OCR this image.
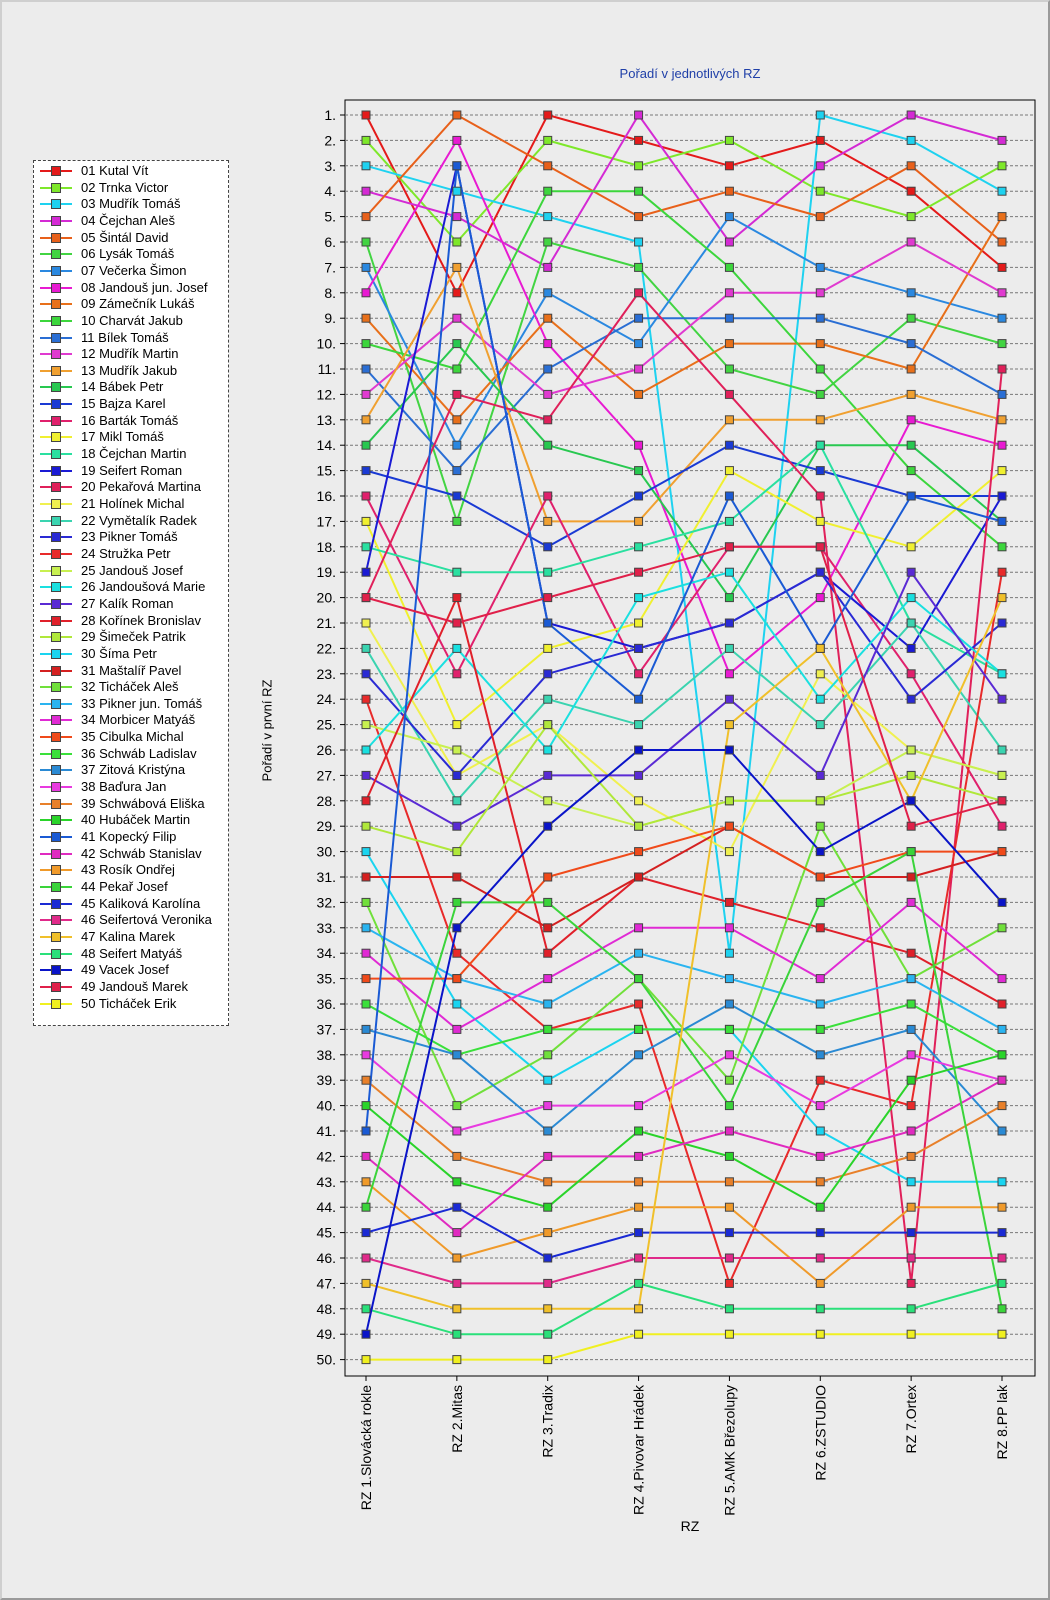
1.
2.
3.
4.
5.
6.
7.
8.
9.
10.
11.
12.
13.
14.
15.
16.
17.
18.
19.
20.
21.
22.
23.
24.
25.
26.
27.
28.
29.
30.
31.
32.
33.
34.
35.
36.
37.
38.
39.
40.
41.
42.
43.
44.
45.
46.
47.
48.
49.
50.
RZ 1.Slovácká rokle	RZ 2.Mitas	RZ 3.Tradix	RZ 4.Pivovar Hrádek	RZ 5.AMK Březolupy	RZ 6.ZSTUDIO	RZ 7.Ortex	RZ 8.PP lak
Pořadí v jednotlivých RZ
Pořadí v první RZ
RZ
01 Kutal Vít
02 Trnka Victor
03 Mudřík Tomáš
04 Čejchan Aleš
05 Šintál David
06 Lysák Tomáš
07 Večerka Šimon
08 Jandouš jun. Josef
09 Zámečník Lukáš
10 Charvát Jakub
11 Bílek Tomáš
12 Mudřík Martin
13 Mudřík Jakub
14 Bábek Petr
15 Bajza Karel
16 Barták Tomáš
17 Mikl Tomáš
18 Čejchan Martin
19 Seifert Roman
20 Pekařová Martina
21 Holínek Michal
22 Vymětalík Radek
23 Pikner Tomáš
24 Stružka Petr
25 Jandouš Josef
26 Jandoušová Marie
27 Kalík Roman
28 Kořínek Bronislav
29 Šimeček Patrik
30 Šíma Petr
31 Maštalíř Pavel
32 Ticháček Aleš
33 Pikner jun. Tomáš
34 Morbicer Matyáš
35 Cibulka Michal
36 Schwáb Ladislav
37 Zitová Kristýna
38 Baďura Jan
39 Schwábová Eliška
40 Hubáček Martin
41 Kopecký Filip
42 Schwáb Stanislav
43 Rosík Ondřej
44 Pekař Josef
45 Kaliková Karolína
46 Seifertová Veronika
47 Kalina Marek
48 Seifert Matyáš
49 Vacek Josef
49 Jandouš Marek
50 Ticháček Erik
